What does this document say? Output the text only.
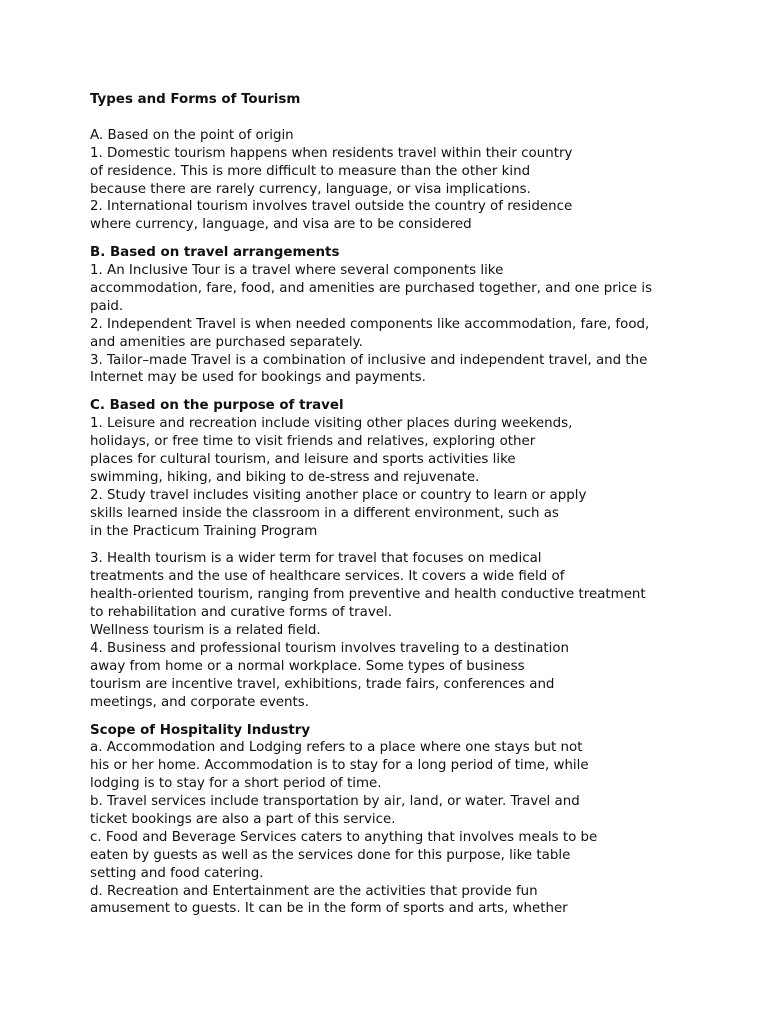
Types and Forms of Tourism
A. Based on the point of origin
1. Domestic tourism happens when residents travel within their country
of residence. This is more difficult to measure than the other kind
because there are rarely currency, language, or visa implications.
2. International tourism involves travel outside the country of residence
where currency, language, and visa are to be considered
B. Based on travel arrangements
1. An Inclusive Tour is a travel where several components like
accommodation, fare, food, and amenities are purchased together, and one price is
paid.
2. Independent Travel is when needed components like accommodation, fare, food,
and amenities are purchased separately.
3. Tailor–made Travel is a combination of inclusive and independent travel, and the
Internet may be used for bookings and payments.
C. Based on the purpose of travel
1. Leisure and recreation include visiting other places during weekends,
holidays, or free time to visit friends and relatives, exploring other
places for cultural tourism, and leisure and sports activities like
swimming, hiking, and biking to de-stress and rejuvenate.
2. Study travel includes visiting another place or country to learn or apply
skills learned inside the classroom in a different environment, such as
in the Practicum Training Program
3. Health tourism is a wider term for travel that focuses on medical
treatments and the use of healthcare services. It covers a wide field of
health-oriented tourism, ranging from preventive and health conductive treatment
to rehabilitation and curative forms of travel.
Wellness tourism is a related field.
4. Business and professional tourism involves traveling to a destination
away from home or a normal workplace. Some types of business
tourism are incentive travel, exhibitions, trade fairs, conferences and
meetings, and corporate events.
Scope of Hospitality Industry
a. Accommodation and Lodging refers to a place where one stays but not
his or her home. Accommodation is to stay for a long period of time, while
lodging is to stay for a short period of time.
b. Travel services include transportation by air, land, or water. Travel and
ticket bookings are also a part of this service.
c. Food and Beverage Services caters to anything that involves meals to be
eaten by guests as well as the services done for this purpose, like table
setting and food catering.
d. Recreation and Entertainment are the activities that provide fun
amusement to guests. It can be in the form of sports and arts, whether
